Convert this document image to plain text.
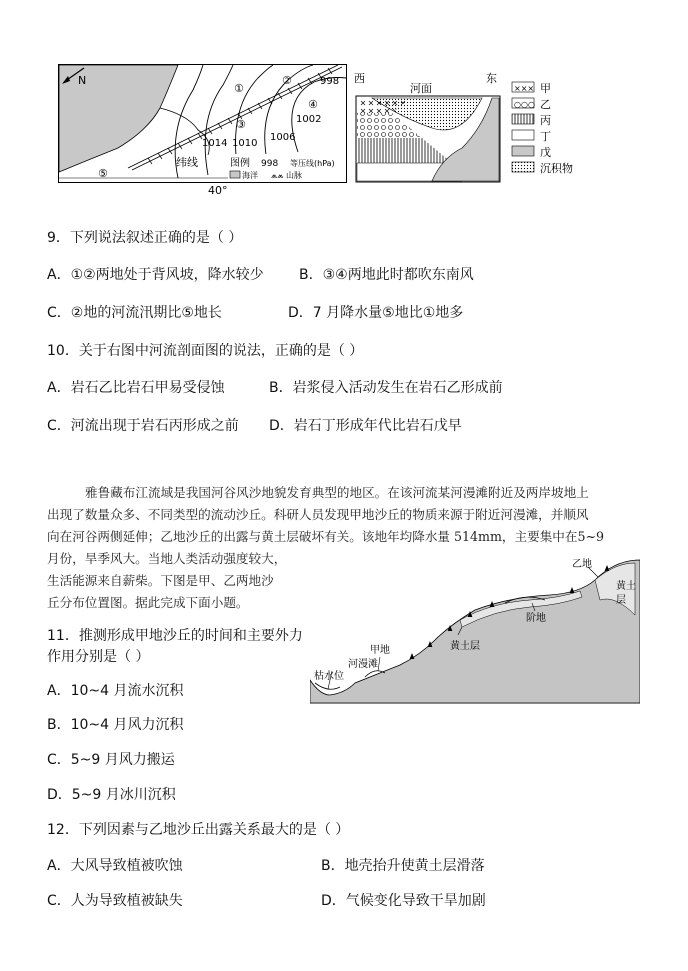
N	998
1002
1006
1010
1014
①
②
③
④
⑤
纬线	图例 998 等压线(hPa)
海洋 ⩕⩕ 山脉
40°
西	东
河面	××× 甲
○○○ 乙
丙
丁
戊
沉积物
9．下列说法叙述正确的是（ ）
A．①②两地处于背风坡，降水较少	B．③④两地此时都吹东南风
C．②地的河流汛期比⑤地长	D．7 月降水量⑤地比①地多
10．关于右图中河流剖面图的说法，正确的是（ ）
A．岩石乙比岩石甲易受侵蚀	B．岩浆侵入活动发生在岩石乙形成前
C．河流出现于岩石丙形成之前 D．岩石丁形成年代比岩石戊早
雅鲁藏布江流域是我国河谷风沙地貌发育典型的地区。在该河流某河漫滩附近及两岸坡地上
出现了数量众多、不同类型的流动沙丘。科研人员发现甲地沙丘的物质来源于附近河漫滩，并顺风
向在河谷两侧延伸；乙地沙丘的出露与黄土层破坏有关。该地年均降水量 514mm，主要集中在5~9
月份，旱季风大。当地人类活动强度较大，
生活能源来自薪柴。下图是甲、乙两地沙
丘分布位置图。据此完成下面小题。
乙地
黄土
层
阶地
黄土层
甲地
河漫滩
枯水位
11．推测形成甲地沙丘的时间和主要外力
作用分别是（ ）
A．10~4 月流水沉积
B．10~4 月风力沉积
C．5~9 月风力搬运
D．5~9 月冰川沉积
12．下列因素与乙地沙丘出露关系最大的是（ ）
A．大风导致植被吹蚀	B．地壳抬升使黄土层滑落
C．人为导致植被缺失	D．气候变化导致干旱加剧
